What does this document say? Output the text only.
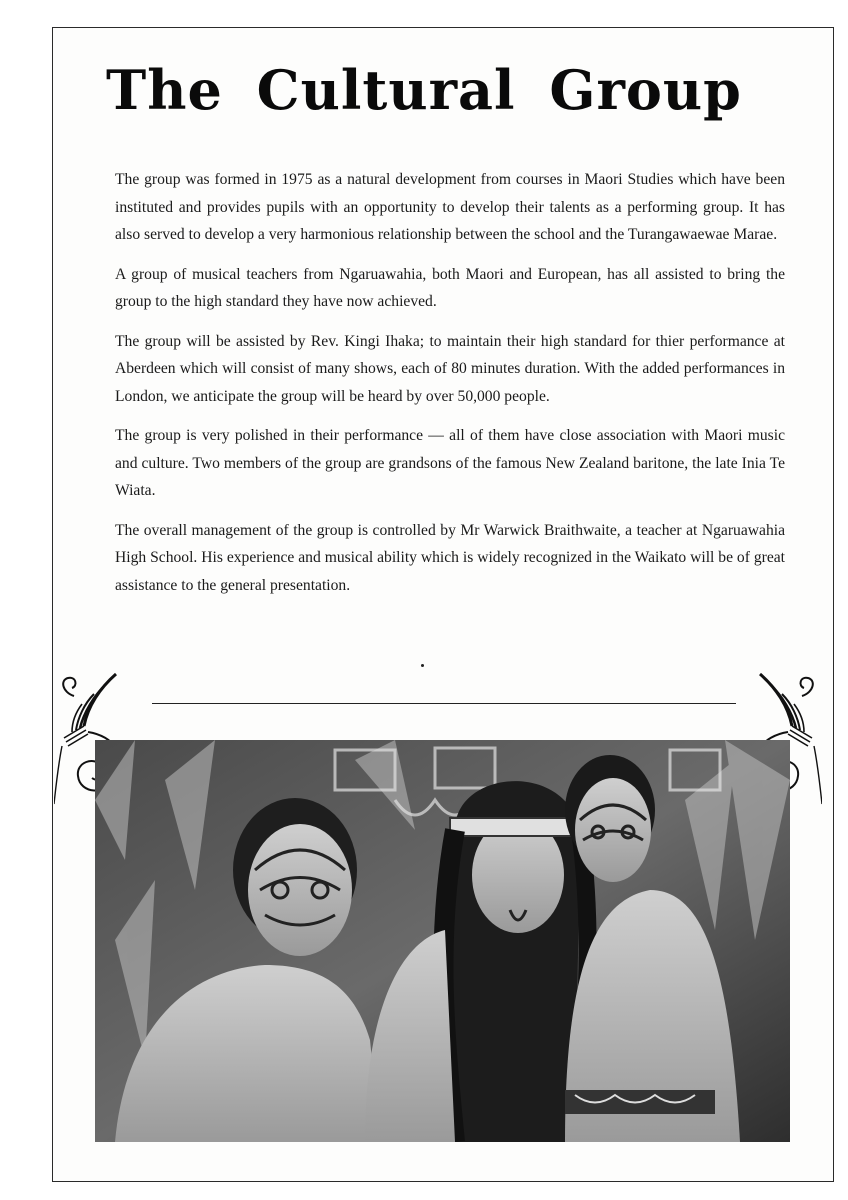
The Cultural Group

The group was formed in 1975 as a natural development from courses in Maori Studies which have been instituted and provides pupils with an opportunity to develop their talents as a performing group. It has also served to develop a very harmonious relationship between the school and the Turangawaewae Marae.

A group of musical teachers from Ngaruawahia, both Maori and European, has all assisted to bring the group to the high standard they have now achieved.

The group will be assisted by Rev. Kingi Ihaka; to maintain their high standard for thier performance at Aberdeen which will consist of many shows, each of 80 minutes duration. With the added performances in London, we anticipate the group will be heard by over 50,000 people.

The group is very polished in their performance — all of them have close association with Maori music and culture. Two members of the group are grandsons of the famous New Zealand baritone, the late Inia Te Wiata.

The overall management of the group is controlled by Mr Warwick Braithwaite, a teacher at Ngaruawahia High School. His experience and musical ability which is widely recognized in the Waikato will be of great assistance to the general presentation.
